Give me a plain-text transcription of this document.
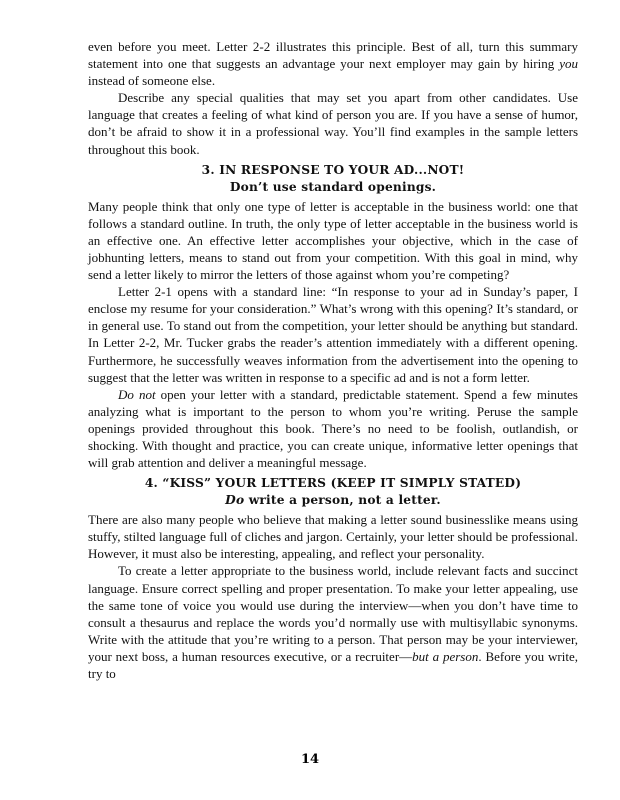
even before you meet. Letter 2-2 illustrates this principle. Best of all, turn this summary statement into one that suggests an advantage your next employer may gain by hiring you instead of someone else.

Describe any special qualities that may set you apart from other candidates. Use language that creates a feeling of what kind of person you are. If you have a sense of humor, don’t be afraid to show it in a professional way. You’ll find examples in the sample letters throughout this book.

3. IN RESPONSE TO YOUR AD...NOT!
Don’t use standard openings.

Many people think that only one type of letter is acceptable in the business world: one that follows a standard outline. In truth, the only type of letter acceptable in the business world is an effective one. An effective letter accomplishes your objective, which in the case of jobhunting letters, means to stand out from your competition. With this goal in mind, why send a letter likely to mirror the letters of those against whom you’re competing?

Letter 2-1 opens with a standard line: “In response to your ad in Sunday’s paper, I enclose my resume for your consideration.” What’s wrong with this opening? It’s standard, or in general use. To stand out from the competition, your letter should be anything but standard. In Letter 2-2, Mr. Tucker grabs the reader’s attention immediately with a different opening. Furthermore, he successfully weaves information from the advertisement into the opening to suggest that the letter was written in response to a specific ad and is not a form letter.

Do not open your letter with a standard, predictable statement. Spend a few minutes analyzing what is important to the person to whom you’re writing. Peruse the sample openings provided throughout this book. There’s no need to be foolish, outlandish, or shocking. With thought and practice, you can create unique, informative letter openings that will grab attention and deliver a meaningful message.

4. “KISS” YOUR LETTERS (KEEP IT SIMPLY STATED)
Do write a person, not a letter.

There are also many people who believe that making a letter sound businesslike means using stuffy, stilted language full of cliches and jargon. Certainly, your letter should be professional. However, it must also be interesting, appealing, and reflect your personality.

To create a letter appropriate to the business world, include relevant facts and succinct language. Ensure correct spelling and proper presentation. To make your letter appealing, use the same tone of voice you would use during the interview—when you don’t have time to consult a thesaurus and replace the words you’d normally use with multisyllabic synonyms. Write with the attitude that you’re writing to a person. That person may be your interviewer, your next boss, a human resources executive, or a recruiter—but a person. Before you write, try to

14
